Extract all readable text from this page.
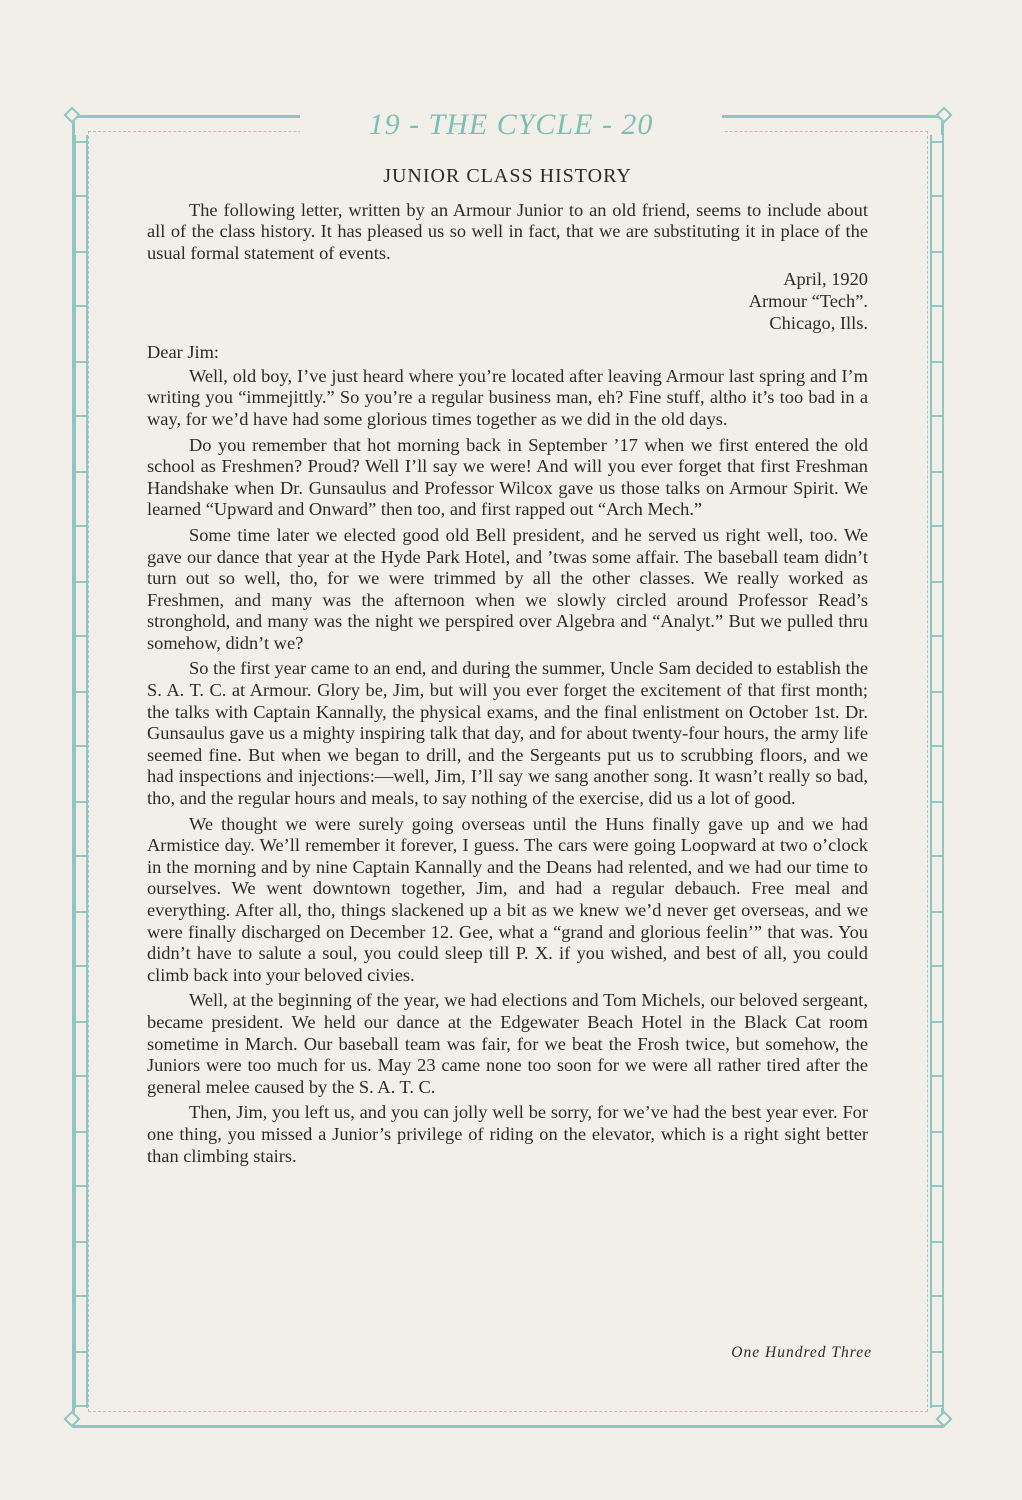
19 - THE CYCLE - 20
JUNIOR CLASS HISTORY

The following letter, written by an Armour Junior to an old friend, seems to include about all of the class history. It has pleased us so well in fact, that we are substituting it in place of the usual formal statement of events.

April, 1920
Armour “Tech”.
Chicago, Ills.

Dear Jim:

Well, old boy, I’ve just heard where you’re located after leaving Armour last spring and I’m writing you “immejittly.” So you’re a regular business man, eh? Fine stuff, altho it’s too bad in a way, for we’d have had some glorious times together as we did in the old days.

Do you remember that hot morning back in September ’17 when we first entered the old school as Freshmen? Proud? Well I’ll say we were! And will you ever forget that first Freshman Handshake when Dr. Gunsaulus and Professor Wilcox gave us those talks on Armour Spirit. We learned “Upward and Onward” then too, and first rapped out “Arch Mech.”

Some time later we elected good old Bell president, and he served us right well, too. We gave our dance that year at the Hyde Park Hotel, and ’twas some affair. The baseball team didn’t turn out so well, tho, for we were trimmed by all the other classes. We really worked as Freshmen, and many was the afternoon when we slowly circled around Professor Read’s stronghold, and many was the night we perspired over Algebra and “Analyt.” But we pulled thru somehow, didn’t we?

So the first year came to an end, and during the summer, Uncle Sam decided to establish the S. A. T. C. at Armour. Glory be, Jim, but will you ever forget the excitement of that first month; the talks with Captain Kannally, the physical exams, and the final enlistment on October 1st. Dr. Gunsaulus gave us a mighty inspiring talk that day, and for about twenty-four hours, the army life seemed fine. But when we began to drill, and the Sergeants put us to scrubbing floors, and we had inspections and injections:—well, Jim, I’ll say we sang another song. It wasn’t really so bad, tho, and the regular hours and meals, to say nothing of the exercise, did us a lot of good.

We thought we were surely going overseas until the Huns finally gave up and we had Armistice day. We’ll remember it forever, I guess. The cars were going Loopward at two o’clock in the morning and by nine Captain Kannally and the Deans had relented, and we had our time to ourselves. We went downtown together, Jim, and had a regular debauch. Free meal and everything. After all, tho, things slackened up a bit as we knew we’d never get overseas, and we were finally discharged on December 12. Gee, what a “grand and glorious feelin’” that was. You didn’t have to salute a soul, you could sleep till P. X. if you wished, and best of all, you could climb back into your beloved civies.

Well, at the beginning of the year, we had elections and Tom Michels, our beloved sergeant, became president. We held our dance at the Edgewater Beach Hotel in the Black Cat room sometime in March. Our baseball team was fair, for we beat the Frosh twice, but somehow, the Juniors were too much for us. May 23 came none too soon for we were all rather tired after the general melee caused by the S. A. T. C.

Then, Jim, you left us, and you can jolly well be sorry, for we’ve had the best year ever. For one thing, you missed a Junior’s privilege of riding on the elevator, which is a right sight better than climbing stairs.

One Hundred Three
